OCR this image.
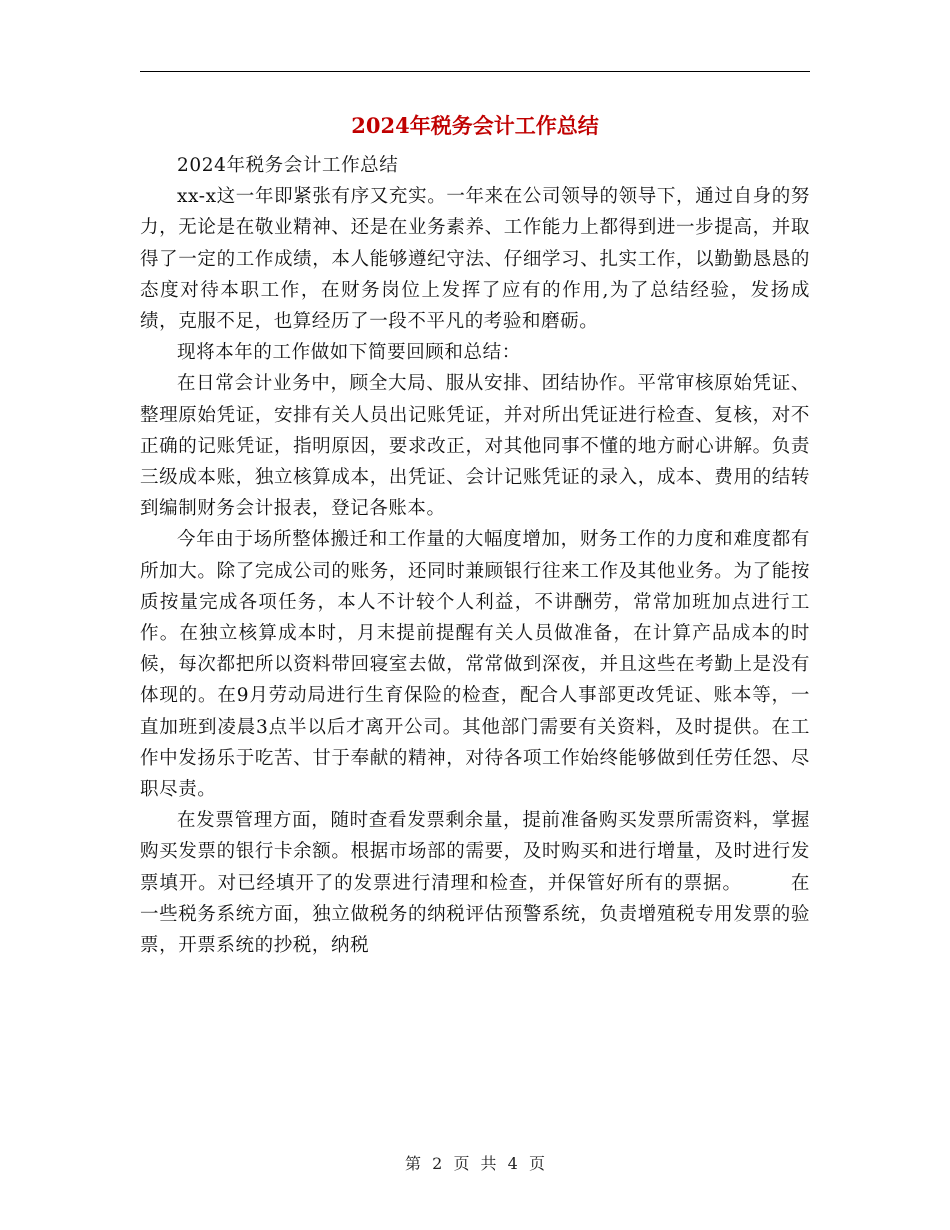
2024年税务会计工作总结

2024年税务会计工作总结

xx-x这一年即紧张有序又充实。一年来在公司领导的领导下，通过自身的努力，无论是在敬业精神、还是在业务素养、工作能力上都得到进一步提高，并取得了一定的工作成绩，本人能够遵纪守法、仔细学习、扎实工作，以勤勤恳恳的态度对待本职工作，在财务岗位上发挥了应有的作用,为了总结经验，发扬成绩，克服不足，也算经历了一段不平凡的考验和磨砺。

现将本年的工作做如下简要回顾和总结：

在日常会计业务中，顾全大局、服从安排、团结协作。平常审核原始凭证、整理原始凭证，安排有关人员出记账凭证，并对所出凭证进行检查、复核，对不正确的记账凭证，指明原因，要求改正，对其他同事不懂的地方耐心讲解。负责三级成本账，独立核算成本，出凭证、会计记账凭证的录入，成本、费用的结转到编制财务会计报表，登记各账本。

今年由于场所整体搬迁和工作量的大幅度增加，财务工作的力度和难度都有所加大。除了完成公司的账务，还同时兼顾银行往来工作及其他业务。为了能按质按量完成各项任务，本人不计较个人利益，不讲酬劳，常常加班加点进行工作。在独立核算成本时，月末提前提醒有关人员做准备，在计算产品成本的时候，每次都把所以资料带回寝室去做，常常做到深夜，并且这些在考勤上是没有体现的。在9月劳动局进行生育保险的检查，配合人事部更改凭证、账本等，一直加班到凌晨3点半以后才离开公司。其他部门需要有关资料，及时提供。在工作中发扬乐于吃苦、甘于奉献的精神，对待各项工作始终能够做到任劳任怨、尽职尽责。

在发票管理方面，随时查看发票剩余量，提前准备购买发票所需资料，掌握购买发票的银行卡余额。根据市场部的需要，及时购买和进行增量，及时进行发票填开。对已经填开了的发票进行清理和检查，并保管好所有的票据。　　　在一些税务系统方面，独立做税务的纳税评估预警系统，负责增殖税专用发票的验票，开票系统的抄税，纳税

第 2 页 共 4 页
